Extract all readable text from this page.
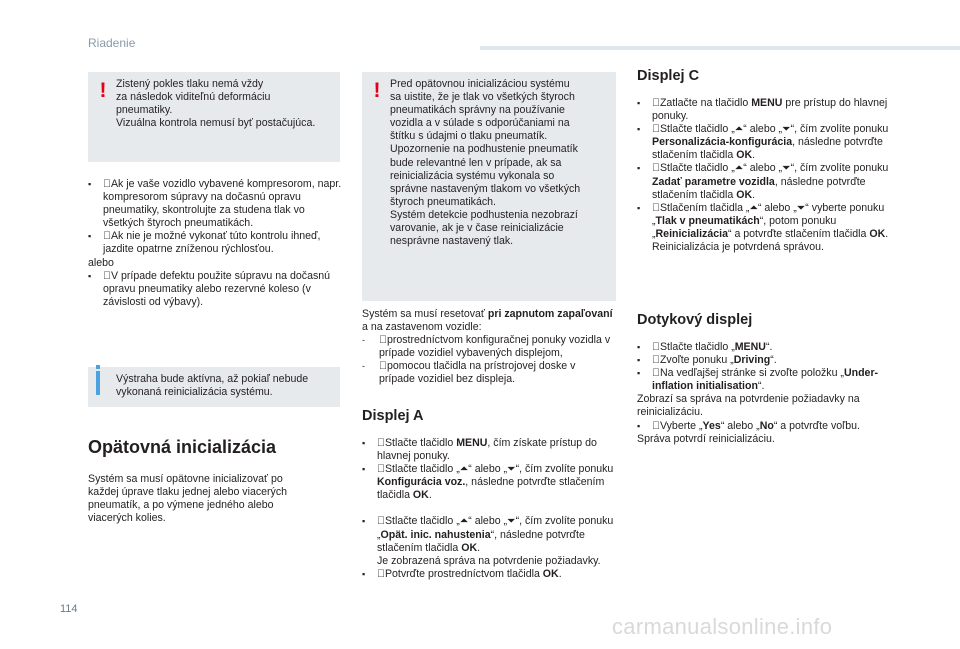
Riadenie
! Zistený pokles tlaku nemá vždy
za následok viditeľnú deformáciu
pneumatiky.
Vizuálna kontrola nemusí byť postačujúca.
▪ Ak je vaše vozidlo vybavené kompresorom, napr. kompresorom súpravy na dočasnú opravu pneumatiky, skontrolujte za studena tlak vo všetkých štyroch pneumatikách.
▪ Ak nie je možné vykonať túto kontrolu ihneď, jazdite opatrne zníženou rýchlosťou.
alebo
▪ V prípade defektu použite súpravu na dočasnú opravu pneumatiky alebo rezervné koleso (v závislosti od výbavy).
Výstraha bude aktívna, až pokiaľ nebude
vykonaná reinicializácia systému.
Opätovná inicializácia
Systém sa musí opätovne inicializovať po
každej úprave tlaku jednej alebo viacerých
pneumatík, a po výmene jedného alebo
viacerých kolies.
! Pred opätovnou inicializáciou systému
sa uistite, že je tlak vo všetkých štyroch
pneumatikách správny na používanie
vozidla a v súlade s odporúčaniami na
štítku s údajmi o tlaku pneumatík.
Upozornenie na podhustenie pneumatík
bude relevantné len v prípade, ak sa
reinicializácia systému vykonala so
správne nastaveným tlakom vo všetkých
štyroch pneumatikách.
Systém detekcie podhustenia nezobrazí
varovanie, ak je v čase reinicializácie
nesprávne nastavený tlak.
Systém sa musí resetovať pri zapnutom zapaľovaní a na zastavenom vozidle:
- prostredníctvom konfiguračnej ponuky vozidla v prípade vozidiel vybavených displejom,
- pomocou tlačidla na prístrojovej doske v prípade vozidiel bez displeja.
Displej A
▪ Stlačte tlačidlo MENU, čím získate prístup do hlavnej ponuky.
▪ Stlačte tlačidlo „⏶“ alebo „⏷“, čím zvolíte ponuku Konfigurácia voz., následne potvrďte stlačením tlačidla OK.
▪ Stlačte tlačidlo „⏶“ alebo „⏷“, čím zvolíte ponuku „Opät. inic. nahustenia“, následne potvrďte stlačením tlačidla OK.
Je zobrazená správa na potvrdenie požiadavky.
▪ Potvrďte prostredníctvom tlačidla OK.
Displej C
▪ Zatlačte na tlačidlo MENU pre prístup do hlavnej ponuky.
▪ Stlačte tlačidlo „⏶“ alebo „⏷“, čím zvolíte ponuku Personalizácia-konfigurácia, následne potvrďte stlačením tlačidla OK.
▪ Stlačte tlačidlo „⏶“ alebo „⏷“, čím zvolíte ponuku Zadať parametre vozidla, následne potvrďte stlačením tlačidla OK.
▪ Stlačením tlačidla „⏶“ alebo „⏷“ vyberte ponuku „Tlak v pneumatikách“, potom ponuku „Reinicializácia“ a potvrďte stlačením tlačidla OK. Reinicializácia je potvrdená správou.
Dotykový displej
▪ Stlačte tlačidlo „MENU“.
▪ Zvoľte ponuku „Driving“.
▪ Na vedľajšej stránke si zvoľte položku „Under-inflation initialisation“.
Zobrazí sa správa na potvrdenie požiadavky na reinicializáciu.
▪ Vyberte „Yes“ alebo „No“ a potvrďte voľbu.
Správa potvrdí reinicializáciu.
114
carmanualsonline.info
